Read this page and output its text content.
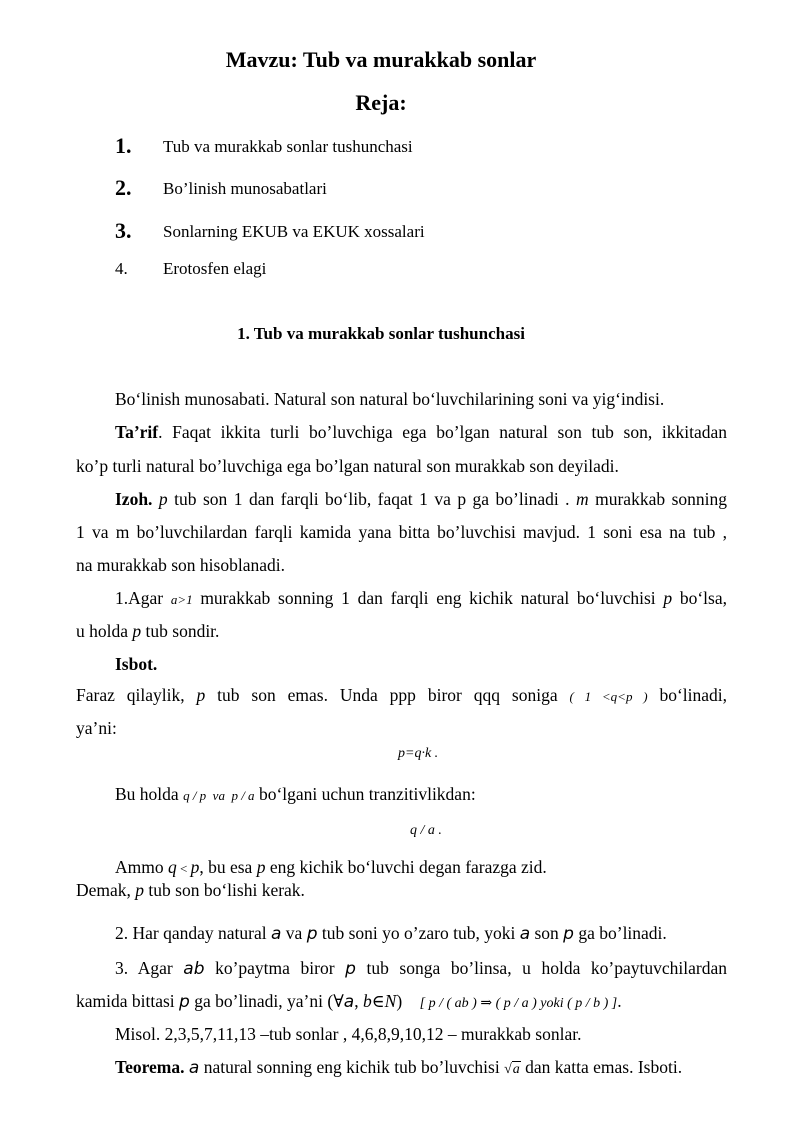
Mavzu: Tub va murakkab sonlar
Reja:
1. Tub va murakkab sonlar tushunchasi
2. Bo’linish munosabatlari
3. Sonlarning EKUB va EKUK xossalari
4. Erotosfen elagi
1. Tub va murakkab sonlar tushunchasi
Bo‘linish munosabati. Natural son natural bo‘luvchilarining soni va yig‘indisi.
Ta’rif. Faqat ikkita turli bo’luvchiga ega bo’lgan natural son tub son, ikkitadan
ko’p turli natural bo’luvchiga ega bo’lgan natural son murakkab son deyiladi.
Izoh. p tub son 1 dan farqli bo‘lib, faqat 1 va p ga bo’linadi . m murakkab sonning
1 va m bo’luvchilardan farqli kamida yana bitta bo’luvchisi mavjud. 1 soni esa na tub ,
na murakkab son hisoblanadi.
1.Agar a>1 murakkab sonning 1 dan farqli eng kichik natural bo‘luvchisi p bo‘lsa,
u holda p tub sondir.
Isbot.
Faraz qilaylik, p tub son emas. Unda ppp biror qqq soniga ( 1 <q<p ) bo‘linadi,
ya’ni:
p=q·k .
Bu holda q / p  va  p / a bo‘lgani uchun tranzitivlikdan:
q / a .
Ammo q < p, bu esa p eng kichik bo‘luvchi degan farazga zid.
Demak, p tub son bo‘lishi kerak.
2. Har qanday natural a va p tub soni yo o’zaro tub, yoki a son p ga bo’linadi.
3. Agar ab ko’paytma biror p tub songa bo’linsa, u holda ko’paytuvchilardan
kamida bittasi p ga bo’linadi, ya’ni (∀a, b∈N) [ p / ( ab ) ⇒ ( p / a ) yoki ( p / b ) ].
Misol. 2,3,5,7,11,13 –tub sonlar , 4,6,8,9,10,12 – murakkab sonlar.
Teorema. a natural sonning eng kichik tub bo’luvchisi √a dan katta emas. Isboti.
